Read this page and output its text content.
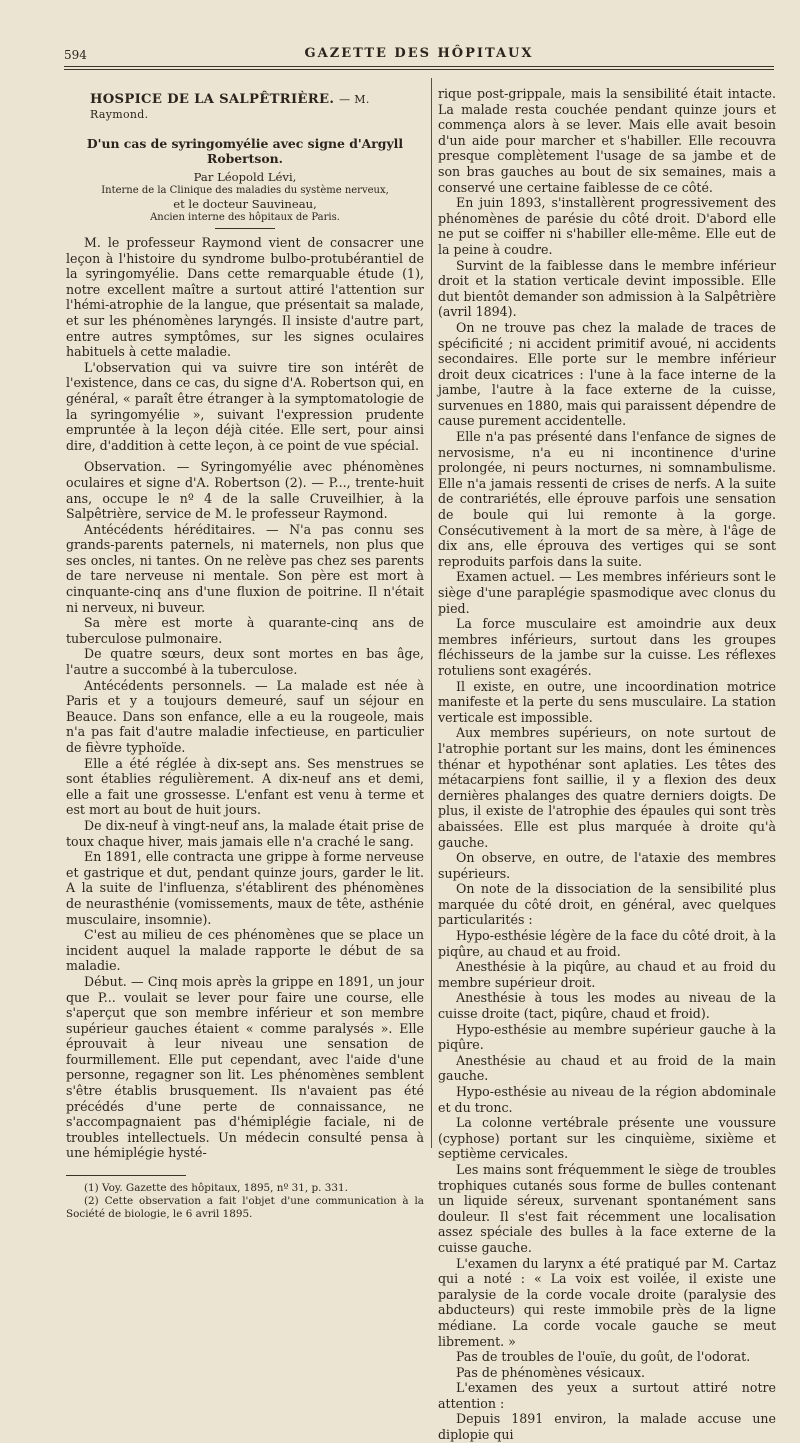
594	GAZETTE DES HÔPITAUX
HOSPICE DE LA SALPÊTRIÈRE. — M. Raymond.
D'un cas de syringomyélie avec signe d'Argyll Robertson.
Par Léopold Lévi,
Interne de la Clinique des maladies du système nerveux,
et le docteur Sauvineau,
Ancien interne des hôpitaux de Paris.

M. le professeur Raymond vient de consacrer une leçon à l'histoire du syndrome bulbo-protubérantiel de la syringomyélie. Dans cette remarquable étude (1), notre excellent maître a surtout attiré l'attention sur l'hémi-atrophie de la langue, que présentait sa malade, et sur les phénomènes laryngés. Il insiste d'autre part, entre autres symptômes, sur les signes oculaires habituels à cette maladie.

L'observation qui va suivre tire son intérêt de l'existence, dans ce cas, du signe d'A. Robertson qui, en général, « paraît être étranger à la symptomatologie de la syringomyélie », suivant l'expression prudente empruntée à la leçon déjà citée. Elle sert, pour ainsi dire, d'addition à cette leçon, à ce point de vue spécial.

Observation. — Syringomyélie avec phénomènes oculaires et signe d'A. Robertson (2). — P..., trente-huit ans, occupe le nº 4 de la salle Cruveilhier, à la Salpêtrière, service de M. le professeur Raymond.

Antécédents héréditaires. — N'a pas connu ses grands-parents paternels, ni maternels, non plus que ses oncles, ni tantes. On ne relève pas chez ses parents de tare nerveuse ni mentale. Son père est mort à cinquante-cinq ans d'une fluxion de poitrine. Il n'était ni nerveux, ni buveur.

Sa mère est morte à quarante-cinq ans de tuberculose pulmonaire.

De quatre sœurs, deux sont mortes en bas âge, l'autre a succombé à la tuberculose.

Antécédents personnels. — La malade est née à Paris et y a toujours demeuré, sauf un séjour en Beauce. Dans son enfance, elle a eu la rougeole, mais n'a pas fait d'autre maladie infectieuse, en particulier de fièvre typhoïde.

Elle a été réglée à dix-sept ans. Ses menstrues se sont établies régulièrement. A dix-neuf ans et demi, elle a fait une grossesse. L'enfant est venu à terme et est mort au bout de huit jours.

De dix-neuf à vingt-neuf ans, la malade était prise de toux chaque hiver, mais jamais elle n'a craché le sang.

En 1891, elle contracta une grippe à forme nerveuse et gastrique et dut, pendant quinze jours, garder le lit. A la suite de l'influenza, s'établirent des phénomènes de neurasthénie (vomissements, maux de tête, asthénie musculaire, insomnie).

C'est au milieu de ces phénomènes que se place un incident auquel la malade rapporte le début de sa maladie.

Début. — Cinq mois après la grippe en 1891, un jour que P... voulait se lever pour faire une course, elle s'aperçut que son membre inférieur et son membre supérieur gauches étaient « comme paralysés ». Elle éprouvait à leur niveau une sensation de fourmillement. Elle put cependant, avec l'aide d'une personne, regagner son lit. Les phénomènes semblent s'être établis brusquement. Ils n'avaient pas été précédés d'une perte de connaissance, ne s'accompagnaient pas d'hémiplégie faciale, ni de troubles intellectuels. Un médecin consulté pensa à une hémiplégie hysté-

(1) Voy. Gazette des hôpitaux, 1895, nº 31, p. 331.

(2) Cette observation a fait l'objet d'une communication à la Société de biologie, le 6 avril 1895.

rique post-grippale, mais la sensibilité était intacte. La malade resta couchée pendant quinze jours et commença alors à se lever. Mais elle avait besoin d'un aide pour marcher et s'habiller. Elle recouvra presque complètement l'usage de sa jambe et de son bras gauches au bout de six semaines, mais a conservé une certaine faiblesse de ce côté.

En juin 1893, s'installèrent progressivement des phénomènes de parésie du côté droit. D'abord elle ne put se coiffer ni s'habiller elle-même. Elle eut de la peine à coudre.

Survint de la faiblesse dans le membre inférieur droit et la station verticale devint impossible. Elle dut bientôt demander son admission à la Salpêtrière (avril 1894).

On ne trouve pas chez la malade de traces de spécificité ; ni accident primitif avoué, ni accidents secondaires. Elle porte sur le membre inférieur droit deux cicatrices : l'une à la face interne de la jambe, l'autre à la face externe de la cuisse, survenues en 1880, mais qui paraissent dépendre de cause purement accidentelle.

Elle n'a pas présenté dans l'enfance de signes de nervosisme, n'a eu ni incontinence d'urine prolongée, ni peurs nocturnes, ni somnambulisme. Elle n'a jamais ressenti de crises de nerfs. A la suite de contrariétés, elle éprouve parfois une sensation de boule qui lui remonte à la gorge. Consécutivement à la mort de sa mère, à l'âge de dix ans, elle éprouva des vertiges qui se sont reproduits parfois dans la suite.

Examen actuel. — Les membres inférieurs sont le siège d'une paraplégie spasmodique avec clonus du pied.

La force musculaire est amoindrie aux deux membres inférieurs, surtout dans les groupes fléchisseurs de la jambe sur la cuisse. Les réflexes rotuliens sont exagérés.

Il existe, en outre, une incoordination motrice manifeste et la perte du sens musculaire. La station verticale est impossible.

Aux membres supérieurs, on note surtout de l'atrophie portant sur les mains, dont les éminences thénar et hypothénar sont aplaties. Les têtes des métacarpiens font saillie, il y a flexion des deux dernières phalanges des quatre derniers doigts. De plus, il existe de l'atrophie des épaules qui sont très abaissées. Elle est plus marquée à droite qu'à gauche.

On observe, en outre, de l'ataxie des membres supérieurs.

On note de la dissociation de la sensibilité plus marquée du côté droit, en général, avec quelques particularités :

Hypo-esthésie légère de la face du côté droit, à la piqûre, au chaud et au froid.

Anesthésie à la piqûre, au chaud et au froid du membre supérieur droit.

Anesthésie à tous les modes au niveau de la cuisse droite (tact, piqûre, chaud et froid).

Hypo-esthésie au membre supérieur gauche à la piqûre.

Anesthésie au chaud et au froid de la main gauche.

Hypo-esthésie au niveau de la région abdominale et du tronc.

La colonne vertébrale présente une voussure (cyphose) portant sur les cinquième, sixième et septième cervicales.

Les mains sont fréquemment le siège de troubles trophiques cutanés sous forme de bulles contenant un liquide séreux, survenant spontanément sans douleur. Il s'est fait récemment une localisation assez spéciale des bulles à la face externe de la cuisse gauche.

L'examen du larynx a été pratiqué par M. Cartaz qui a noté : « La voix est voilée, il existe une paralysie de la corde vocale droite (paralysie des abducteurs) qui reste immobile près de la ligne médiane. La corde vocale gauche se meut librement. »

Pas de troubles de l'ouïe, du goût, de l'odorat.

Pas de phénomènes vésicaux.

L'examen des yeux a surtout attiré notre attention :

Depuis 1891 environ, la malade accuse une diplopie qui
